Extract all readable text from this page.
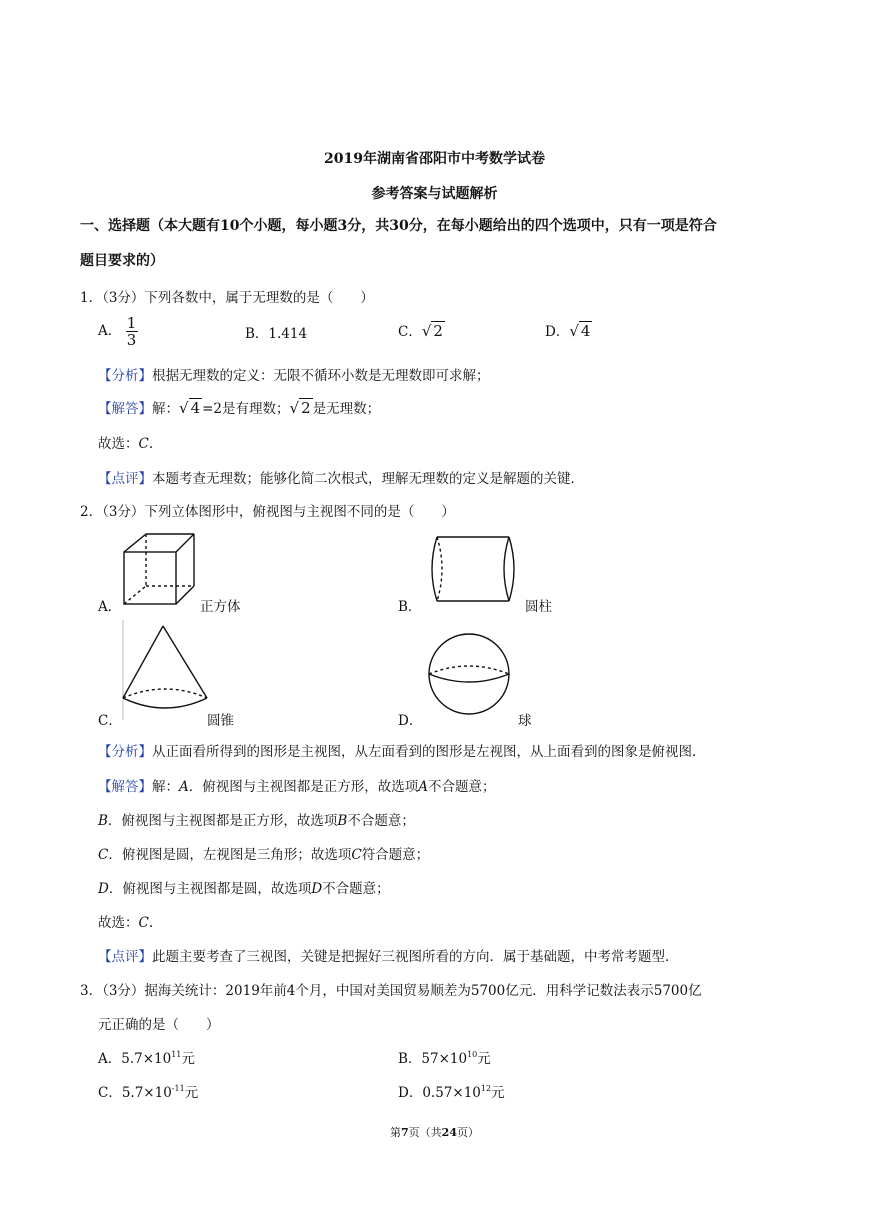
2019年湖南省邵阳市中考数学试卷
参考答案与试题解析
一、选择题（本大题有10个小题，每小题3分，共30分，在每小题给出的四个选项中，只有一项是符合
题目要求的）
1．（3分）下列各数中，属于无理数的是（　　）
A． $\frac{1}{3}$	B．1.414	C．√ 2	D．√ 4
【分析】根据无理数的定义：无限不循环小数是无理数即可求解；
【解答】解：√ 4 =2是有理数；√ 2 是无理数；
故选：C.
【点评】本题考查无理数；能够化简二次根式，理解无理数的定义是解题的关键．
2．（3分）下列立体图形中，俯视图与主视图不同的是（　　）
A．	正方体	B．	圆柱
C．	圆锥	D．	球
【分析】从正面看所得到的图形是主视图，从左面看到的图形是左视图，从上面看到的图象是俯视图．
【解答】解：A．俯视图与主视图都是正方形，故选项A不合题意；
B．俯视图与主视图都是正方形，故选项B不合题意；
C．俯视图是圆，左视图是三角形；故选项C符合题意；
D．俯视图与主视图都是圆，故选项D不合题意；
故选：C.
【点评】此题主要考查了三视图，关键是把握好三视图所看的方向．属于基础题，中考常考题型．
3．（3分）据海关统计：2019年前4个月，中国对美国贸易顺差为5700亿元．用科学记数法表示5700亿
元正确的是（　　）
A．$5.7\times 10^{11}$元	B．$57\times 10^{10}$元
C．$5.7\times 10^{-11}$元	D．$0.57\times 10^{12}$元
第7页（共24页）
